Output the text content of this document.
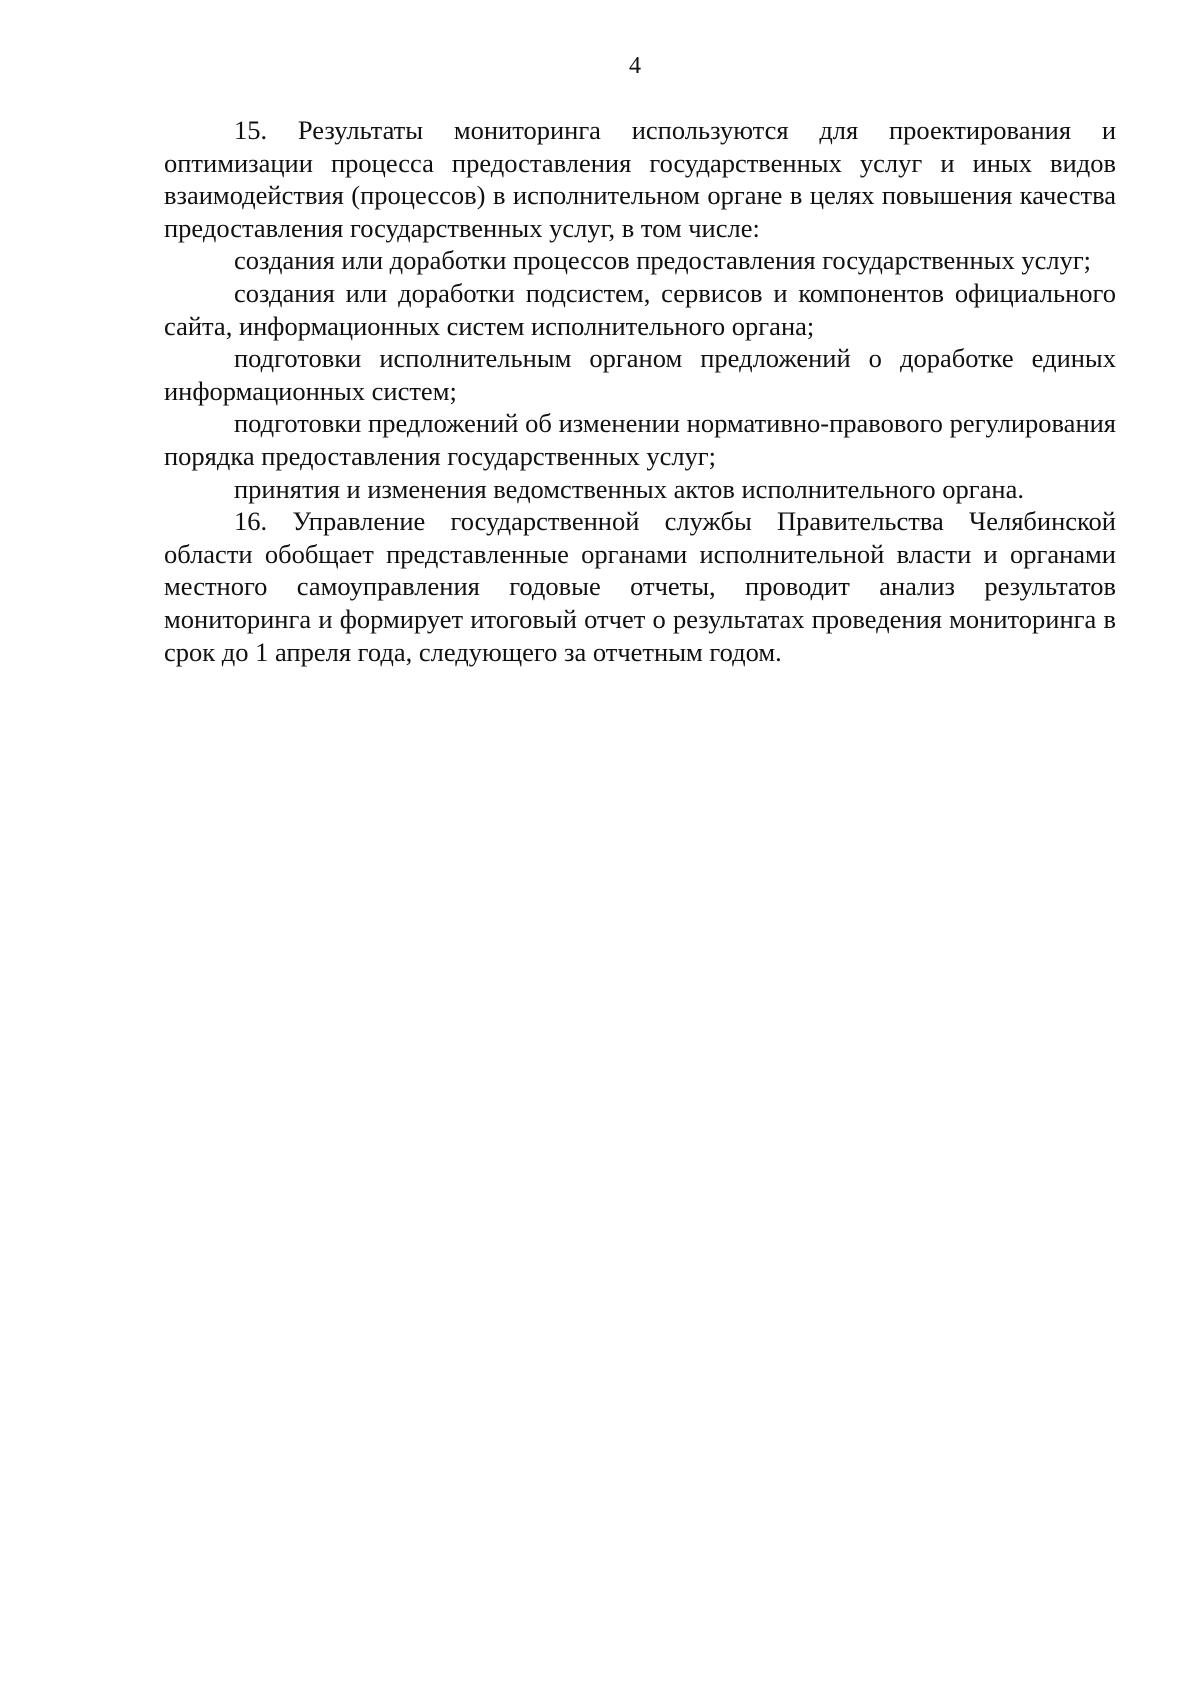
4

15. Результаты мониторинга используются для проектирования и оптимизации процесса предоставления государственных услуг и иных видов взаимодействия (процессов) в исполнительном органе в целях повышения качества предоставления государственных услуг, в том числе:

создания или доработки процессов предоставления государственных услуг;

создания или доработки подсистем, сервисов и компонентов официального сайта, информационных систем исполнительного органа;

подготовки исполнительным органом предложений о доработке единых информационных систем;

подготовки предложений об изменении нормативно-правового регулирования порядка предоставления государственных услуг;

принятия и изменения ведомственных актов исполнительного органа.

16. Управление государственной службы Правительства Челябинской области обобщает представленные органами исполнительной власти и органами местного самоуправления годовые отчеты, проводит анализ результатов мониторинга и формирует итоговый отчет о результатах проведения мониторинга в срок до 1 апреля года, следующего за отчетным годом.
